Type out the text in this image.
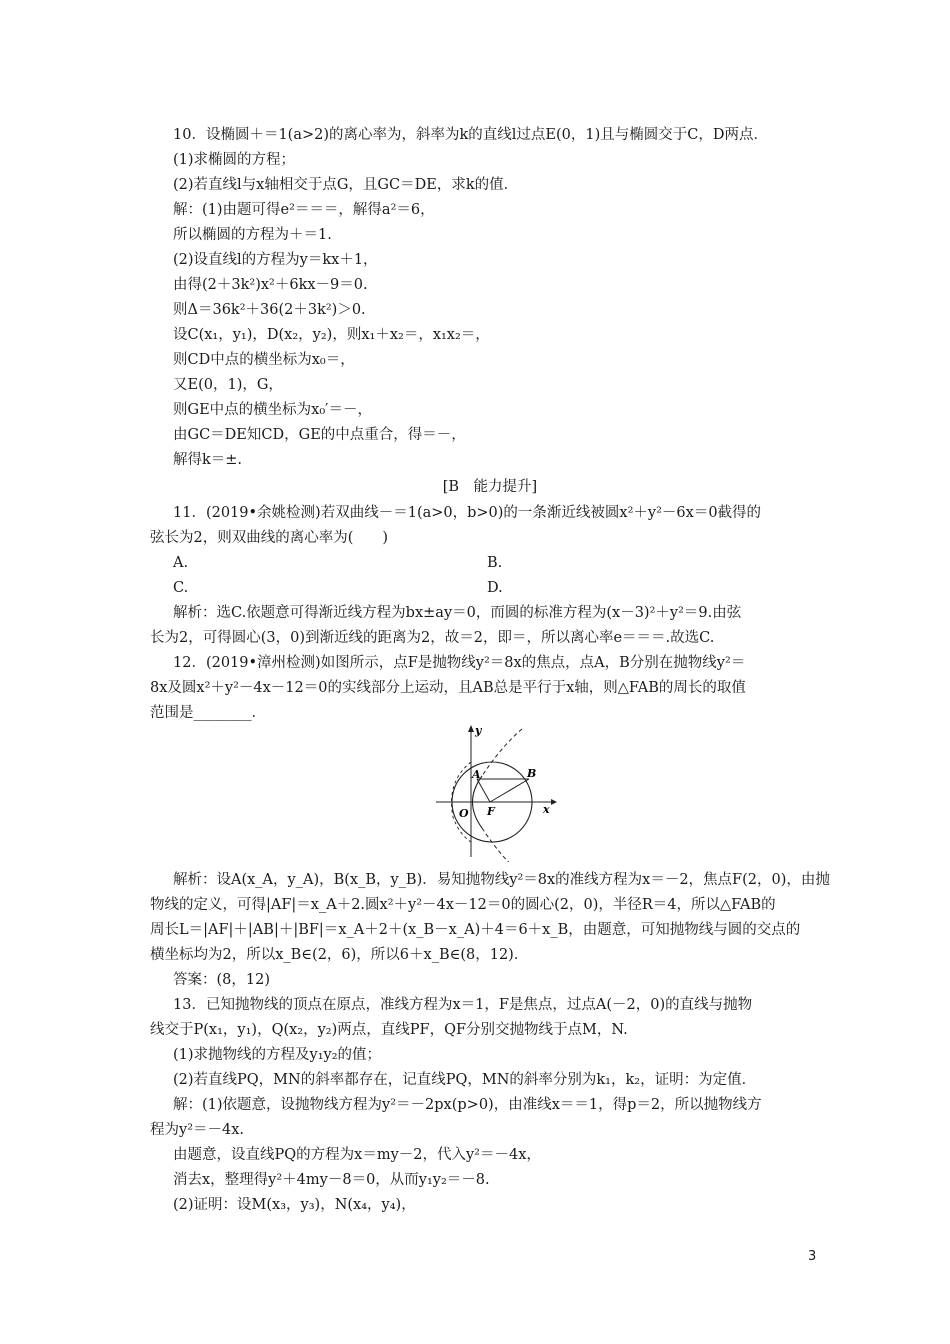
10．设椭圆＋＝1(a>2)的离心率为，斜率为k的直线l过点E(0，1)且与椭圆交于C，D两点．
(1)求椭圆的方程；
(2)若直线l与x轴相交于点G，且GC＝DE，求k的值．
解：(1)由题可得e²＝＝＝，解得a²＝6，
所以椭圆的方程为＋＝1.
(2)设直线l的方程为y＝kx＋1，
由得(2＋3k²)x²＋6kx－9＝0.
则Δ＝36k²＋36(2＋3k²)＞0.
设C(x₁，y₁)，D(x₂，y₂)，则x₁＋x₂＝，x₁x₂＝，
则CD中点的横坐标为x₀＝，
又E(0，1)，G，
则GE中点的横坐标为x₀′＝－，
由GC＝DE知CD，GE的中点重合，得＝－，
解得k＝±.
[B　能力提升]
11．(2019•余姚检测)若双曲线－＝1(a>0，b>0)的一条渐近线被圆x²＋y²－6x＝0截得的
弦长为2，则双曲线的离心率为(　　)
A.	B.
C.	D.
解析：选C.依题意可得渐近线方程为bx±ay＝0，而圆的标准方程为(x－3)²＋y²＝9.由弦
长为2，可得圆心(3，0)到渐近线的距离为2，故＝2，即＝，所以离心率e＝＝＝.故选C.
12．(2019•漳州检测)如图所示，点F是抛物线y²＝8x的焦点，点A，B分别在抛物线y²＝
8x及圆x²＋y²－4x－12＝0的实线部分上运动，且AB总是平行于x轴，则△FAB的周长的取值
范围是________．
y
x
O
A	B
F
解析：设A(x_A，y_A)，B(x_B，y_B)．易知抛物线y²＝8x的准线方程为x＝－2，焦点F(2，0)，由抛
物线的定义，可得|AF|＝x_A＋2.圆x²＋y²－4x－12＝0的圆心(2，0)，半径R＝4，所以△FAB的
周长L＝|AF|＋|AB|＋|BF|＝x_A＋2＋(x_B－x_A)＋4＝6＋x_B，由题意，可知抛物线与圆的交点的
横坐标均为2，所以x_B∈(2，6)，所以6＋x_B∈(8，12)．
答案：(8，12)
13．已知抛物线的顶点在原点，准线方程为x＝1，F是焦点，过点A(－2，0)的直线与抛物
线交于P(x₁，y₁)，Q(x₂，y₂)两点，直线PF，QF分别交抛物线于点M，N.
(1)求抛物线的方程及y₁y₂的值；
(2)若直线PQ，MN的斜率都存在，记直线PQ，MN的斜率分别为k₁，k₂，证明：为定值．
解：(1)依题意，设抛物线方程为y²＝－2px(p>0)，由准线x＝＝1，得p＝2，所以抛物线方
程为y²＝－4x.
由题意，设直线PQ的方程为x＝my－2，代入y²＝－4x，
消去x，整理得y²＋4my－8＝0，从而y₁y₂＝－8.
(2)证明：设M(x₃，y₃)，N(x₄，y₄)，
3
